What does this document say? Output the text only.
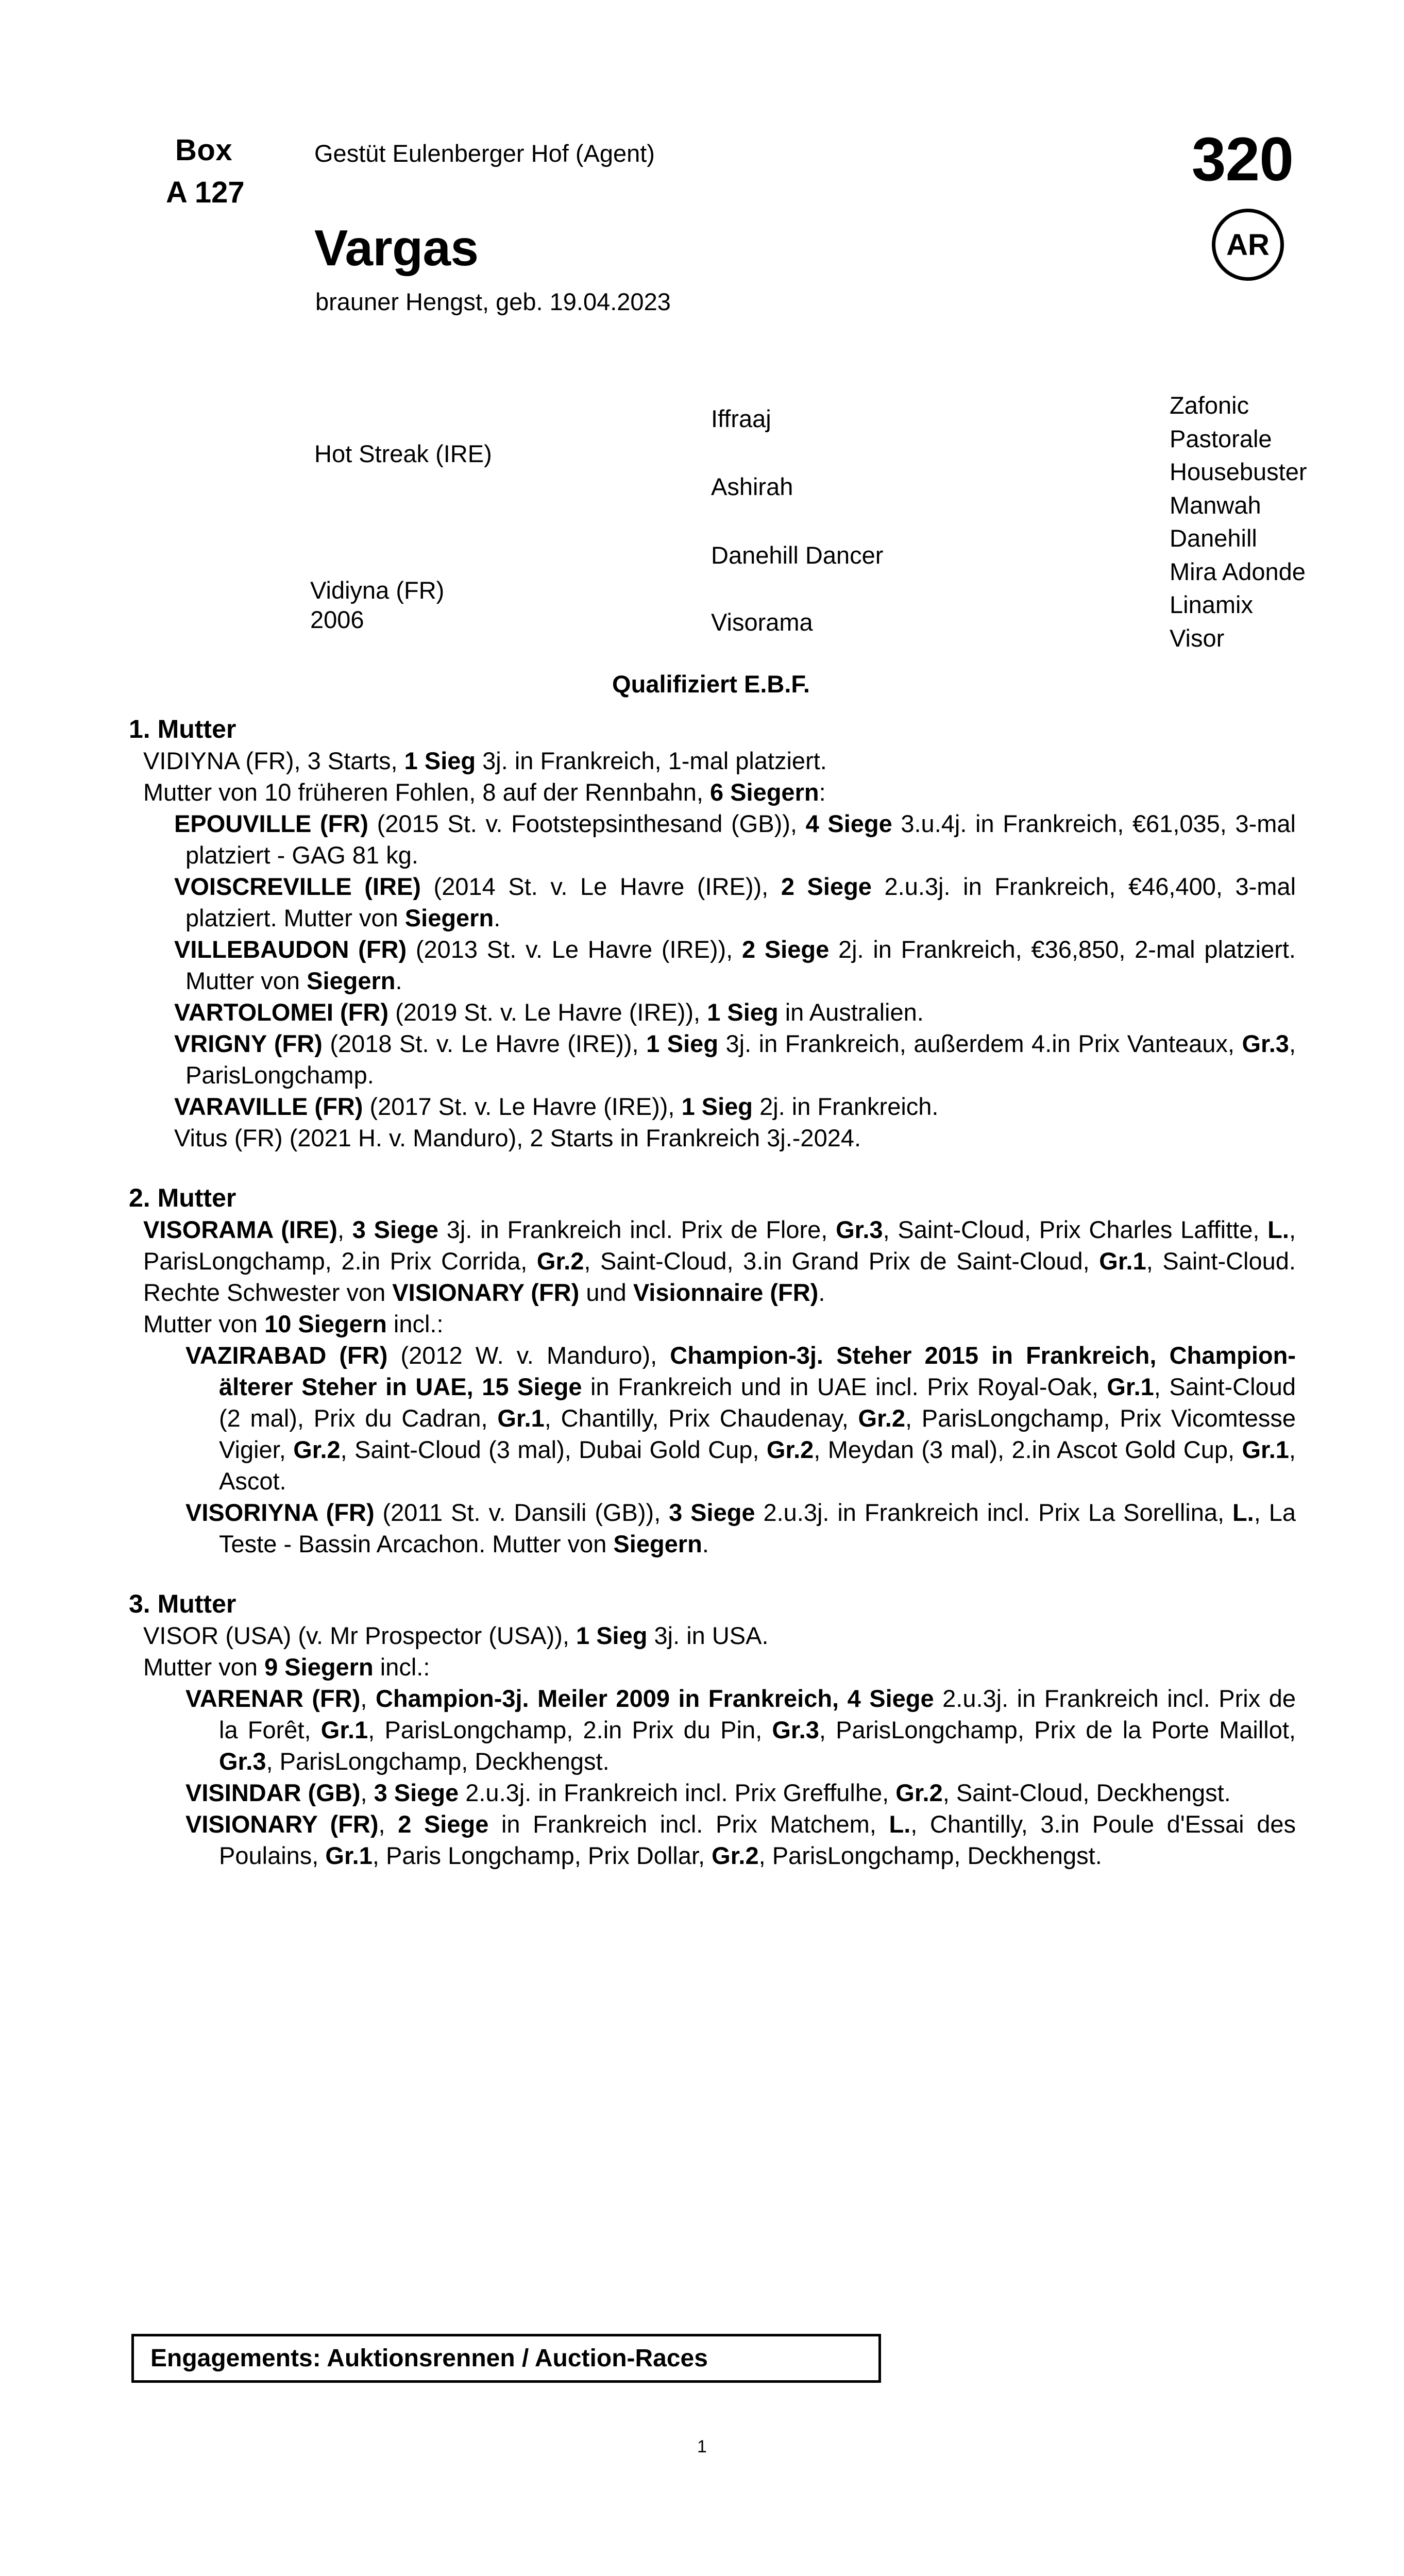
Box
A 127
Gestüt Eulenberger Hof (Agent)	320
Vargas
brauner Hengst, geb. 19.04.2023
AR
Hot Streak (IRE)
Iffraaj
Ashirah
Vidiyna (FR)
2006
Danehill Dancer
Visorama
Zafonic
Pastorale
Housebuster
Manwah
Danehill
Mira Adonde
Linamix
Visor
Qualifiziert E.B.F.
1. Mutter
VIDIYNA (FR), 3 Starts, 1 Sieg 3j. in Frankreich, 1-mal platziert.
Mutter von 10 früheren Fohlen, 8 auf der Rennbahn, 6 Siegern:
EPOUVILLE (FR) (2015 St. v. Footstepsinthesand (GB)), 4 Siege 3.u.4j. in Frankreich, €61,035, 3-mal platziert - GAG 81 kg.
VOISCREVILLE (IRE) (2014 St. v. Le Havre (IRE)), 2 Siege 2.u.3j. in Frankreich, €46,400, 3-mal platziert. Mutter von Siegern.
VILLEBAUDON (FR) (2013 St. v. Le Havre (IRE)), 2 Siege 2j. in Frankreich, €36,850, 2-mal platziert. Mutter von Siegern.
VARTOLOMEI (FR) (2019 St. v. Le Havre (IRE)), 1 Sieg in Australien.
VRIGNY (FR) (2018 St. v. Le Havre (IRE)), 1 Sieg 3j. in Frankreich, außerdem 4.in Prix Vanteaux, Gr.3, ParisLongchamp.
VARAVILLE (FR) (2017 St. v. Le Havre (IRE)), 1 Sieg 2j. in Frankreich.
Vitus (FR) (2021 H. v. Manduro), 2 Starts in Frankreich 3j.-2024.
2. Mutter
VISORAMA (IRE), 3 Siege 3j. in Frankreich incl. Prix de Flore, Gr.3, Saint-Cloud, Prix Charles Laffitte, L., ParisLongchamp, 2.in Prix Corrida, Gr.2, Saint-Cloud, 3.in Grand Prix de Saint-Cloud, Gr.1, Saint-Cloud. Rechte Schwester von VISIONARY (FR) und Visionnaire (FR).
Mutter von 10 Siegern incl.:
VAZIRABAD (FR) (2012 W. v. Manduro), Champion-3j. Steher 2015 in Frankreich, Champion-älterer Steher in UAE, 15 Siege in Frankreich und in UAE incl. Prix Royal-Oak, Gr.1, Saint-Cloud (2 mal), Prix du Cadran, Gr.1, Chantilly, Prix Chaudenay, Gr.2, ParisLongchamp, Prix Vicomtesse Vigier, Gr.2, Saint-Cloud (3 mal), Dubai Gold Cup, Gr.2, Meydan (3 mal), 2.in Ascot Gold Cup, Gr.1, Ascot.
VISORIYNA (FR) (2011 St. v. Dansili (GB)), 3 Siege 2.u.3j. in Frankreich incl. Prix La Sorellina, L., La Teste - Bassin Arcachon. Mutter von Siegern.
3. Mutter
VISOR (USA) (v. Mr Prospector (USA)), 1 Sieg 3j. in USA.
Mutter von 9 Siegern incl.:
VARENAR (FR), Champion-3j. Meiler 2009 in Frankreich, 4 Siege 2.u.3j. in Frankreich incl. Prix de la Forêt, Gr.1, ParisLongchamp, 2.in Prix du Pin, Gr.3, ParisLongchamp, Prix de la Porte Maillot, Gr.3, ParisLongchamp, Deckhengst.
VISINDAR (GB), 3 Siege 2.u.3j. in Frankreich incl. Prix Greffulhe, Gr.2, Saint-Cloud, Deckhengst.
VISIONARY (FR), 2 Siege in Frankreich incl. Prix Matchem, L., Chantilly, 3.in Poule d'Essai des Poulains, Gr.1, Paris Longchamp, Prix Dollar, Gr.2, ParisLongchamp, Deckhengst.
Engagements: Auktionsrennen / Auction-Races
1
